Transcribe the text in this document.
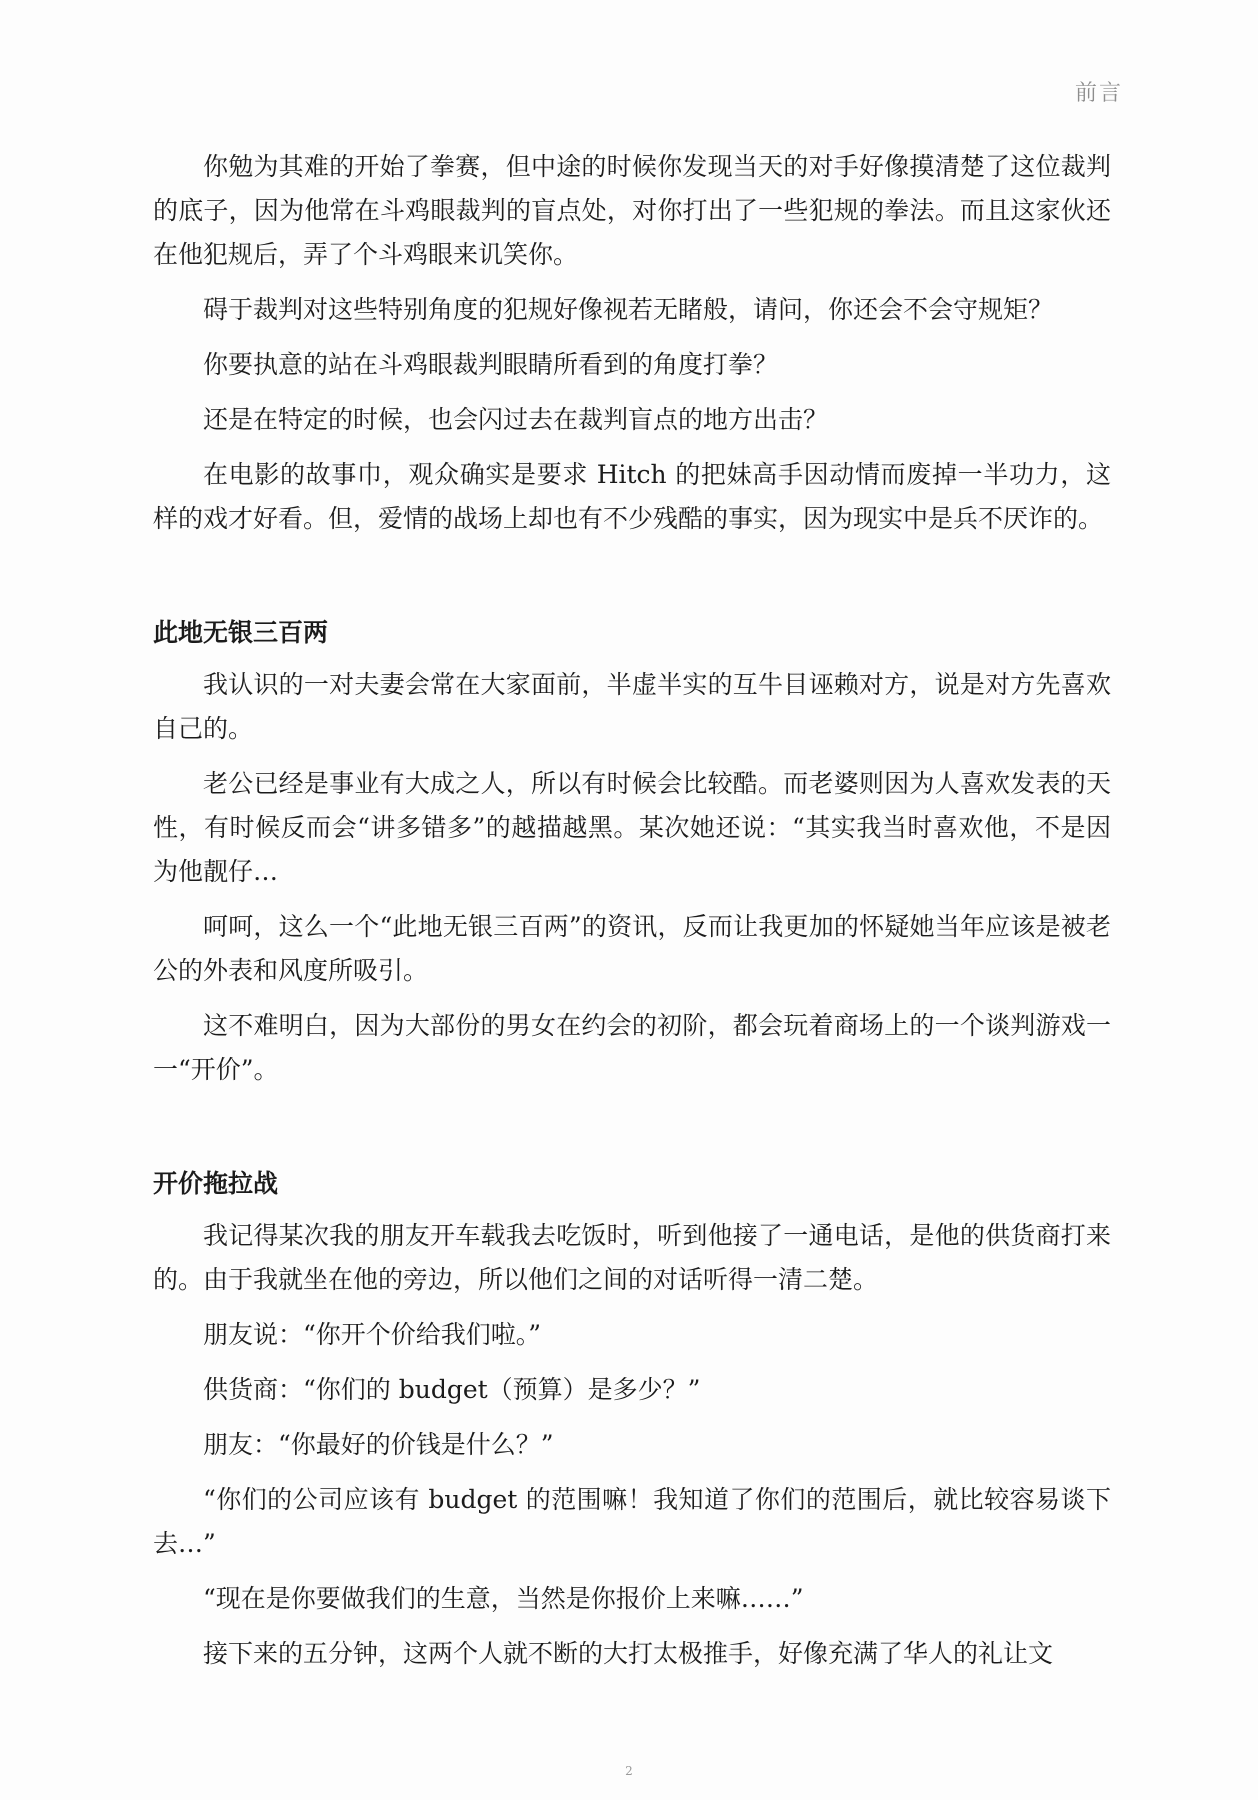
前言

你勉为其难的开始了拳赛，但中途的时候你发现当天的对手好像摸清楚了这位裁判的底子，因为他常在斗鸡眼裁判的盲点处，对你打出了一些犯规的拳法。而且这家伙还在他犯规后，弄了个斗鸡眼来讥笑你。

碍于裁判对这些特别角度的犯规好像视若无睹般，请问，你还会不会守规矩？

你要执意的站在斗鸡眼裁判眼睛所看到的角度打拳？

还是在特定的时候，也会闪过去在裁判盲点的地方出击？

在电影的故事巾，观众确实是要求 Hitch 的把妹高手因动情而废掉一半功力，这样的戏才好看。但，爱情的战场上却也有不少残酷的事实，因为现实中是兵不厌诈的。

此地无银三百两

我认识的一对夫妻会常在大家面前，半虚半实的互牛目诬赖对方，说是对方先喜欢自己的。

老公已经是事业有大成之人，所以有时候会比较酷。而老婆则因为人喜欢发表的天性，有时候反而会“讲多错多”的越描越黑。某次她还说：“其实我当时喜欢他，不是因为他靓仔…

呵呵，这么一个“此地无银三百两”的资讯，反而让我更加的怀疑她当年应该是被老公的外表和风度所吸引。

这不难明白，因为大部份的男女在约会的初阶，都会玩着商场上的一个谈判游戏一一“开价”。

开价拖拉战

我记得某次我的朋友开车载我去吃饭时，听到他接了一通电话，是他的供货商打来的。由于我就坐在他的旁边，所以他们之间的对话听得一清二楚。

朋友说：“你开个价给我们啦。”

供货商：“你们的 budget（预算）是多少？”

朋友：“你最好的价钱是什么？”

“你们的公司应该有 budget 的范围嘛！我知道了你们的范围后，就比较容易谈下去…”

“现在是你要做我们的生意，当然是你报价上来嘛……”

接下来的五分钟，这两个人就不断的大打太极推手，好像充满了华人的礼让文

2
